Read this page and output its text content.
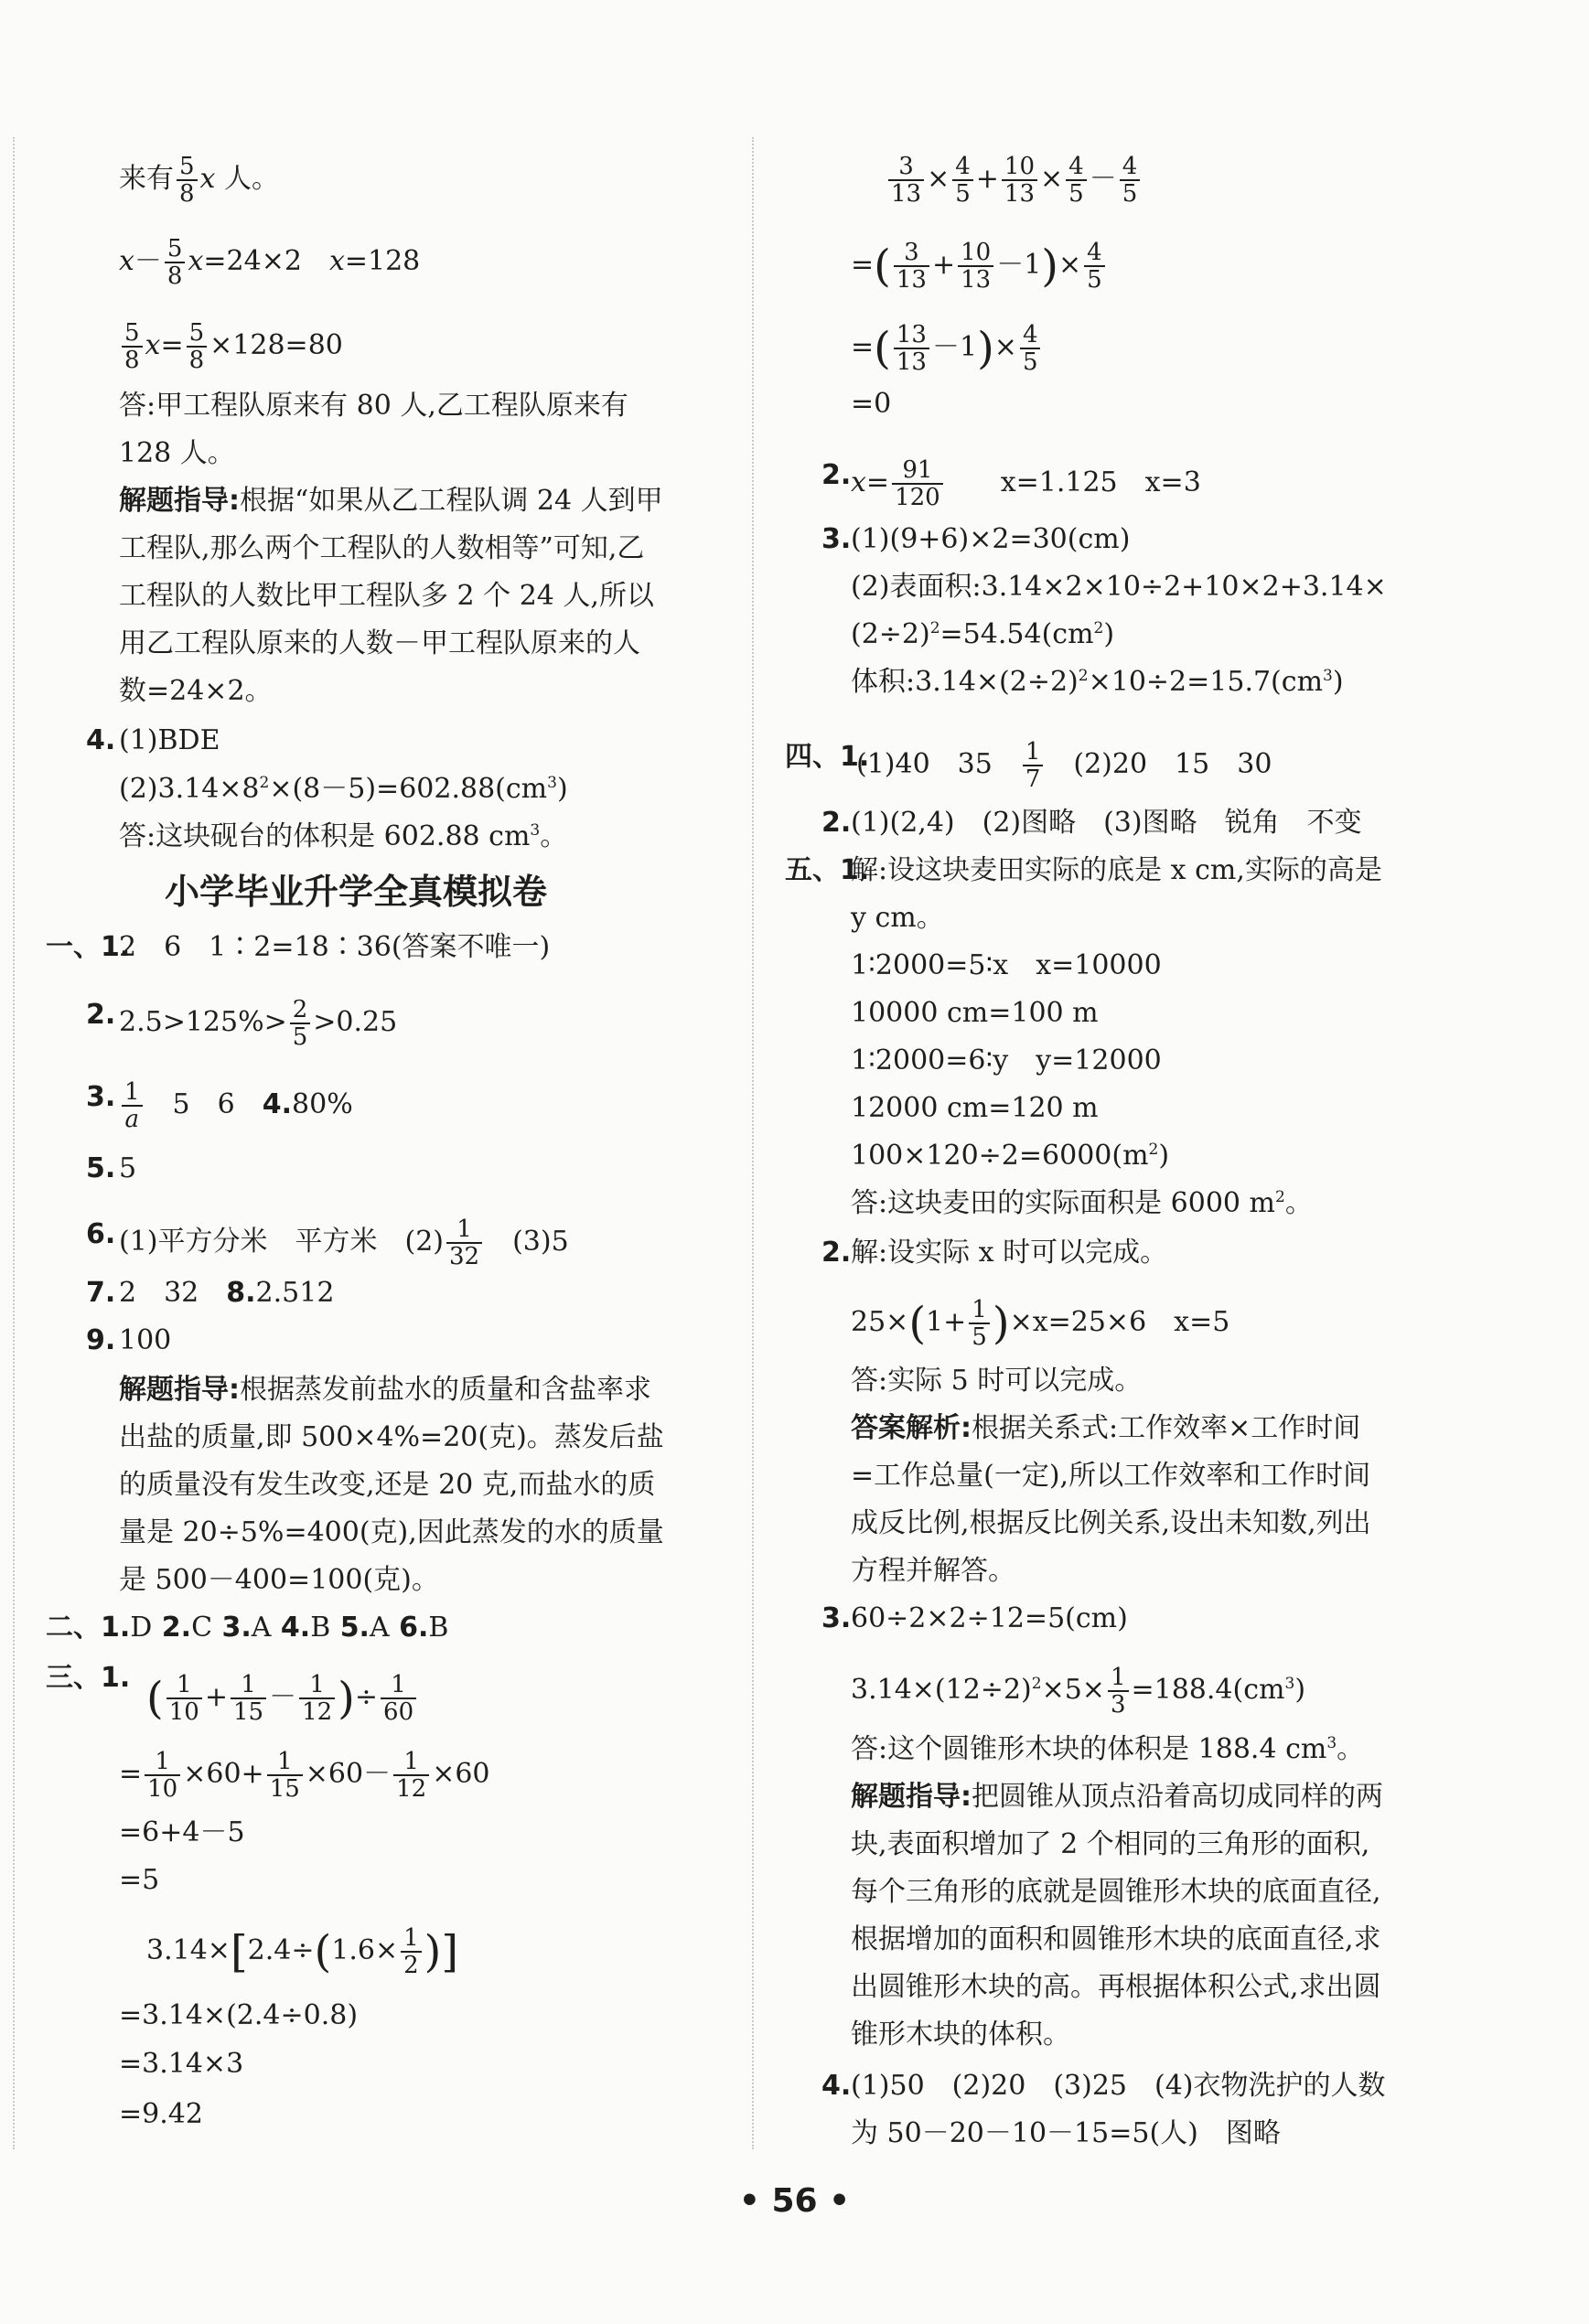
来有 $\frac{5}{8}$ x 人。
$x- \frac{5}{8} x=24\times 2$　x=128
$\frac{5}{8} x= \frac{5}{8} \times 128=80$
答:甲工程队原来有 80 人,乙工程队原来有
128 人。
解题指导:根据“如果从乙工程队调 24 人到甲
工程队,那么两个工程队的人数相等”可知,乙
工程队的人数比甲工程队多 2 个 24 人,所以
用乙工程队原来的人数－甲工程队原来的人
数=24×2。
4. (1)BDE
$(2)3.14\times 8^2\times(8-5)=602.88(cm^3)$
答:这块砚台的体积是 602.88 $cm^3$。
小学毕业升学全真模拟卷
一、1.
2　6　1∶2=18∶36(答案不唯一)
2. $2.5>125\%> \frac{2}{5} >0.25$
3. $\frac{1}{a}$ 　5　6　4.80%
5. 5
6. (1)平方分米　平方米　$(2) \frac{1}{32}$ 　(3)5
7. 2　32　8.2.512
9. 100
解题指导:根据蒸发前盐水的质量和含盐率求
出盐的质量,即 500×4%=20(克)。蒸发后盐
的质量没有发生改变,还是 20 克,而盐水的质
量是 20÷5%=400(克),因此蒸发的水的质量
是 500－400=100(克)。
二、1.D 2.C 3.A 4.B 5.A 6.B
三、1. ( $\frac{1}{10} + \frac{1}{15} - \frac{1}{12}$ )÷ $\frac{1}{60}$
= $\frac{1}{10} \times 60+ \frac{1}{15} \times 60- \frac{1}{12} \times 60$
=6+4－5
=5
$3.14\times[2.4\div(1.6\times \frac{1}{2}$ )]
=3.14×(2.4÷0.8)
=3.14×3
=9.42
$\frac{3}{13} \times \frac{4}{5} + \frac{10}{13} \times \frac{4}{5} - \frac{4}{5}$
=( $\frac{3}{13} + \frac{10}{13} -1)\times \frac{4}{5}$
=( $\frac{13}{13} -1)\times \frac{4}{5}$
=0
2. $x= \frac{91}{120}$ 　　x=1.125　x=3
3. (1)(9+6)×2=30(cm)
(2)表面积:3.14×2×10÷2+10×2+3.14×
$(2\div 2)^2=54.54(cm^2)$
体积$:3.14\times(2\div 2)^2\times 10\div 2=15.7(cm^3)$
四、1.
(1)40　35　 $\frac{1}{7}$ 　(2)20　15　30
2. (1)(2,4)　(2)图略　(3)图略　锐角　不变
五、1.
解:设这块麦田实际的底是 x cm,实际的高是
y cm。
1∶2000=5∶x　x=10000
10000 cm=100 m
1∶2000=6∶y　y=12000
12000 cm=120 m
$100\times 120\div 2=6000(m^2)$
答:这块麦田的实际面积是 6000 $m^2$。
2. 解:设实际 x 时可以完成。
$25\times(1+ \frac{1}{5} )\times x=25\times 6$　x=5
答:实际 5 时可以完成。
答案解析:根据关系式:工作效率×工作时间
=工作总量(一定),所以工作效率和工作时间
成反比例,根据反比例关系,设出未知数,列出
方程并解答。
3. 60÷2×2÷12=5(cm)
$3.14\times(12\div 2)^2\times 5\times \frac{1}{3} =188.4(cm^3)$
答:这个圆锥形木块的体积是 188.4 $cm^3$。
解题指导:把圆锥从顶点沿着高切成同样的两
块,表面积增加了 2 个相同的三角形的面积,
每个三角形的底就是圆锥形木块的底面直径,
根据增加的面积和圆锥形木块的底面直径,求
出圆锥形木块的高。再根据体积公式,求出圆
锥形木块的体积。
4. (1)50　(2)20　(3)25　(4)衣物洗护的人数
为 50－20－10－15=5(人)　图略
• 56 •
